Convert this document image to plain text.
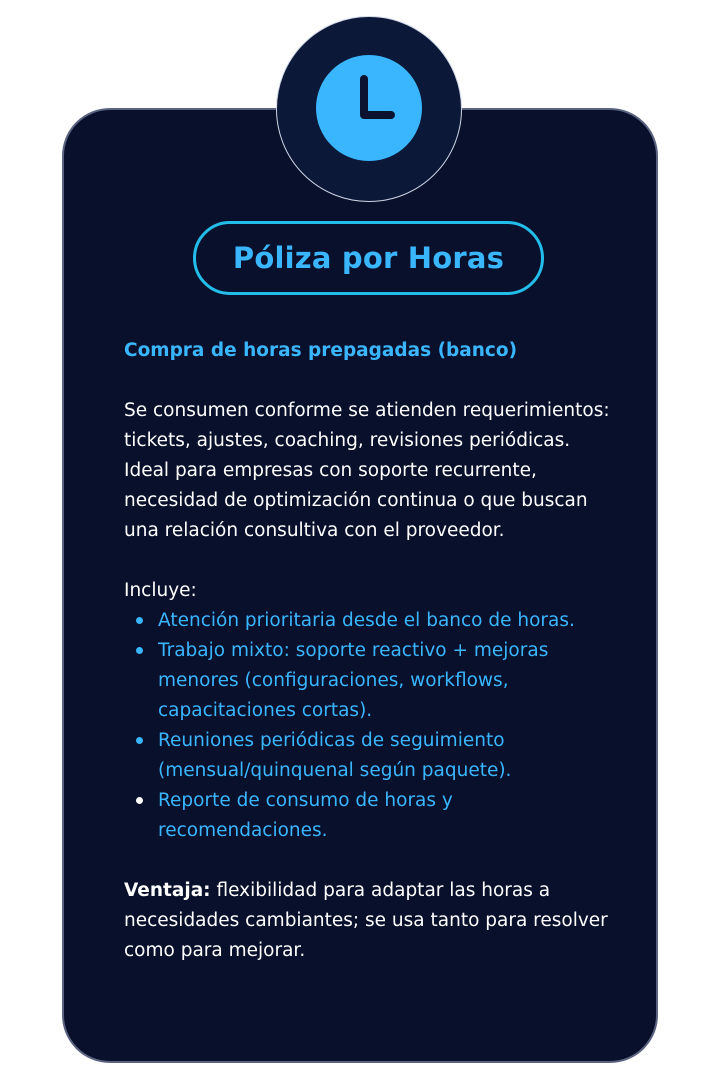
Póliza por Horas

Compra de horas prepagadas (banco)

Se consumen conforme se atienden requerimientos:
tickets, ajustes, coaching, revisiones periódicas.
Ideal para empresas con soporte recurrente,
necesidad de optimización continua o que buscan
una relación consultiva con el proveedor.

Incluye:

Atención prioritaria desde el banco de horas.
Trabajo mixto: soporte reactivo + mejoras
menores (configuraciones, workflows,
capacitaciones cortas).
Reuniones periódicas de seguimiento
(mensual/quinquenal según paquete).
Reporte de consumo de horas y
recomendaciones.

Ventaja: flexibilidad para adaptar las horas a
necesidades cambiantes; se usa tanto para resolver
como para mejorar.
